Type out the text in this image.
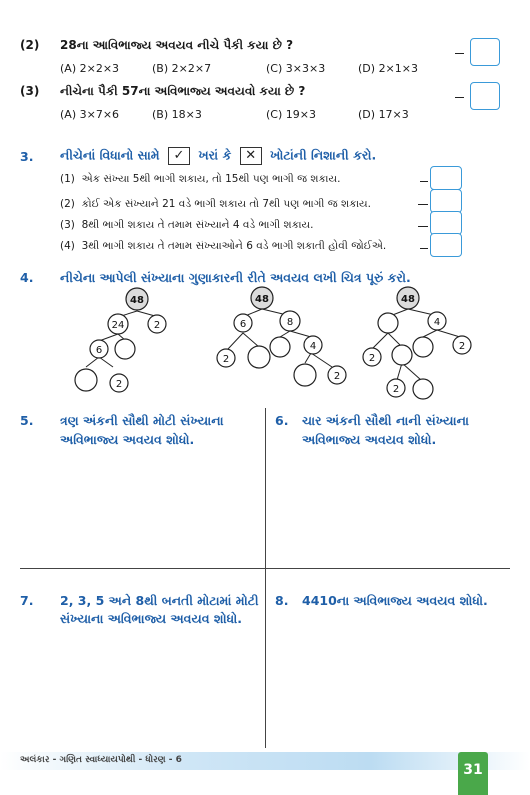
(2) 28ના આવિભાજ્ય અવયવ નીચે પૈકી કયા છે ?
(A) 2×2×3	(B) 2×2×7	(C) 3×3×3	(D) 2×1×3
(3) નીચેના પૈકી 57ના અવિભાજ્ય અવયવો કયા છે ?
(A) 3×7×6	(B) 18×3	(C) 19×3	(D) 17×3
3. નીચેનાં વિધાનો સામે ✓ ખરાં કે ✕ ખોટાંની નિશાની કરો.
(1) એક સંખ્યા 5થી ભાગી શકાય, તો 15થી પણ ભાગી જ શકાય.
(2) કોઈ એક સંખ્યાને 21 વડે ભાગી શકાય તો 7થી પણ ભાગી જ શકાય.
(3) 8થી ભાગી શકાય તે તમામ સંખ્યાને 4 વડે ભાગી શકાય.
(4) 3થી ભાગી શકાય તે તમામ સંખ્યાઓને 6 વડે ભાગી શકાતી હોવી જોઈએ.
4. નીચેના આપેલી સંખ્યાના ગુણાકારની રીતે અવયવ લખી ચિત્ર પૂરું કરો.
48
24	2
6
2
48
6	8
2
4
2
48
4
2
2
2
5. ત્રણ અંકની સૌથી મોટી સંખ્યાના
અવિભાજ્ય અવયવ શોધો.
6. ચાર અંકની સૌથી નાની સંખ્યાના
અવિભાજ્ય અવયવ શોધો.
7. 2, 3, 5 અને 8થી બનતી મોટામાં મોટી
સંખ્યાના અવિભાજ્ય અવયવ શોધો.
8. 4410ના અવિભાજ્ય અવયવ શોધો.
અલંકાર - ગણિત સ્વાધ્યાયપોથી - ધોરણ - 6
31
